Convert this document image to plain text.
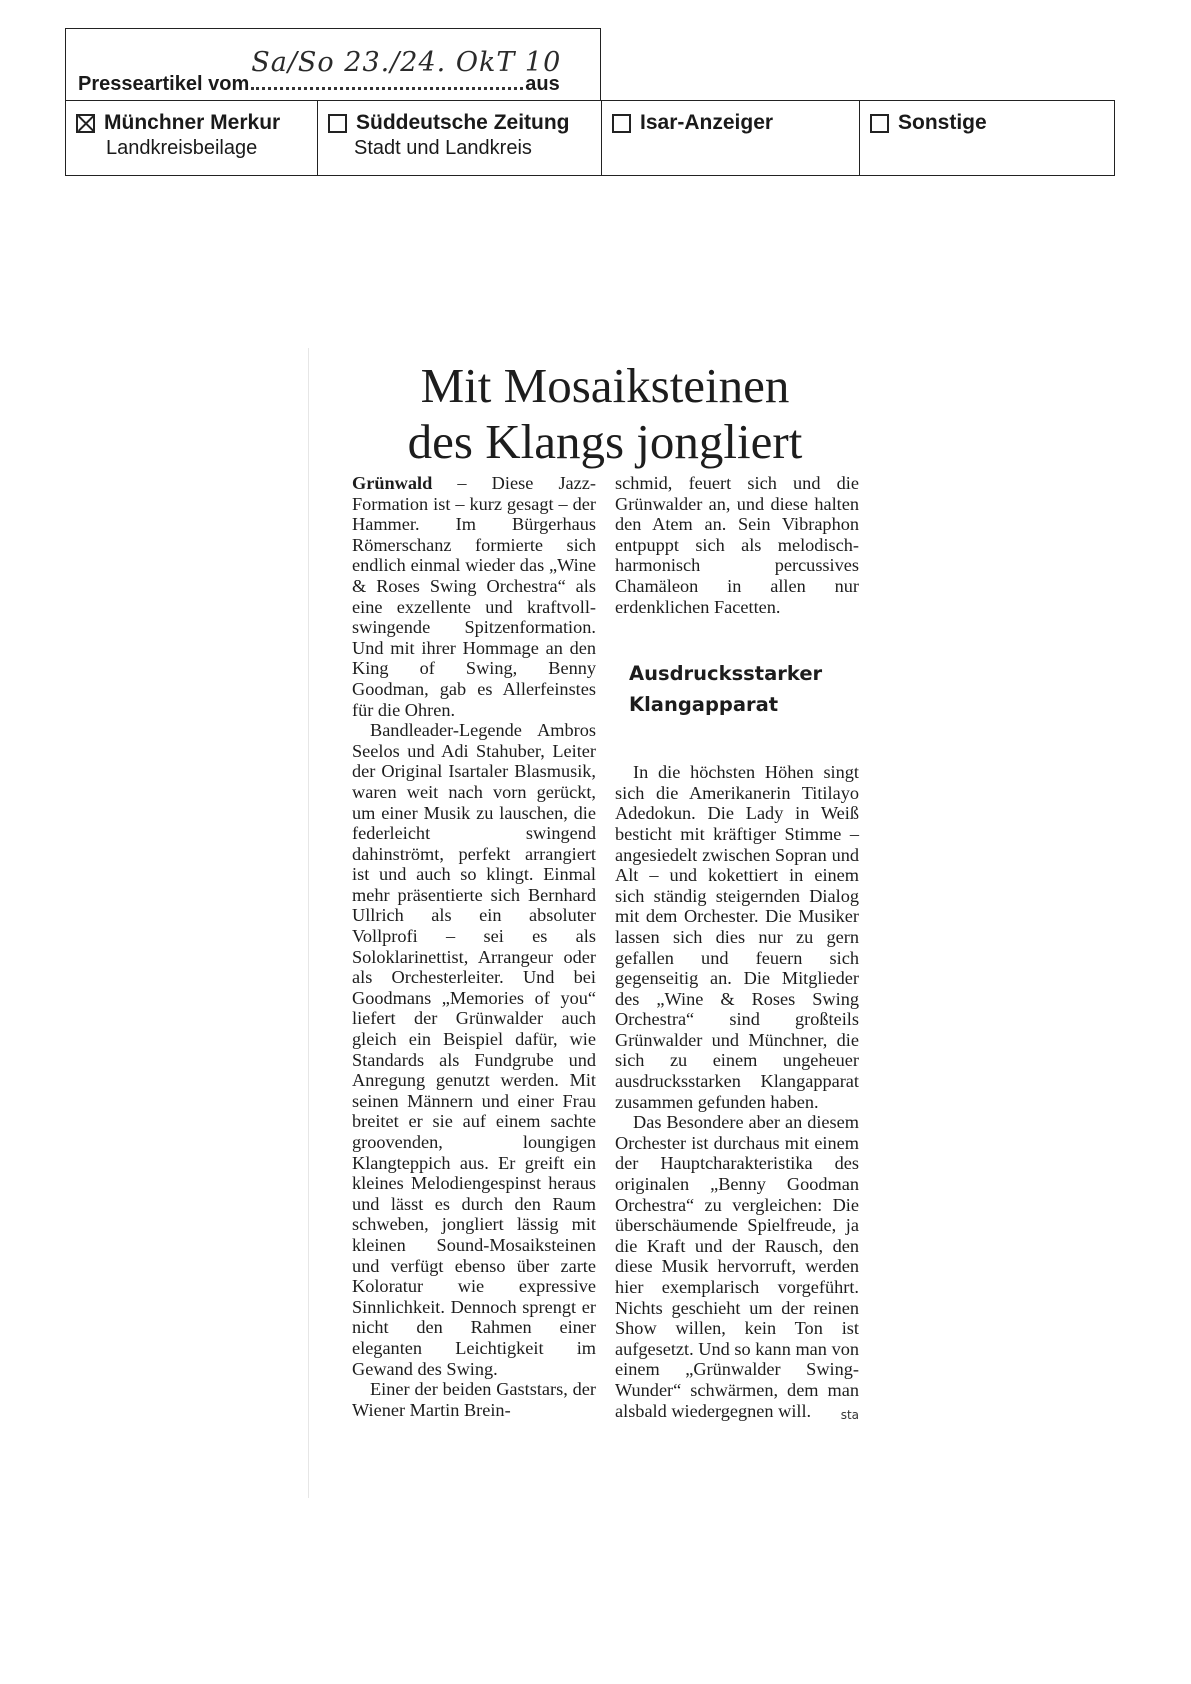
Presseartikel vom
Sa/So 23./24. OkT 10
aus
Münchner Merkur
Landkreisbeilage
Süddeutsche Zeitung
Stadt und Landkreis
Isar-Anzeiger	Sonstige
Mit Mosaiksteinen
des Klangs jongliert

Grünwald – Diese Jazz-Formation ist – kurz gesagt – der Hammer. Im Bürgerhaus Römerschanz formierte sich endlich einmal wieder das „Wine & Roses Swing Orchestra“ als eine exzellente und kraftvoll-swingende Spitzenformation. Und mit ihrer Hommage an den King of Swing, Benny Goodman, gab es Allerfeinstes für die Ohren.

Bandleader-Legende Ambros Seelos und Adi Stahuber, Leiter der Original Isartaler Blasmusik, waren weit nach vorn gerückt, um einer Musik zu lauschen, die federleicht swingend dahinströmt, perfekt arrangiert ist und auch so klingt. Einmal mehr präsentierte sich Bernhard Ullrich als ein absoluter Vollprofi – sei es als Soloklarinettist, Arrangeur oder als Orchesterleiter. Und bei Goodmans „Memories of you“ liefert der Grünwalder auch gleich ein Beispiel dafür, wie Standards als Fundgrube und Anregung genutzt werden. Mit seinen Männern und einer Frau breitet er sie auf einem sachte groovenden, loungigen Klangteppich aus. Er greift ein kleines Melodiengespinst heraus und lässt es durch den Raum schweben, jongliert lässig mit kleinen Sound-Mosaiksteinen und verfügt ebenso über zarte Koloratur wie expressive Sinnlichkeit. Dennoch sprengt er nicht den Rahmen einer eleganten Leichtigkeit im Gewand des Swing.

Einer der beiden Gaststars, der Wiener Martin Brein-

schmid, feuert sich und die Grünwalder an, und diese halten den Atem an. Sein Vibraphon entpuppt sich als melodisch-harmonisch percussives Chamäleon in allen nur erdenklichen Facetten.

Ausdrucksstarker Klangapparat

In die höchsten Höhen singt sich die Amerikanerin Titilayo Adedokun. Die Lady in Weiß besticht mit kräftiger Stimme – angesiedelt zwischen Sopran und Alt – und kokettiert in einem sich ständig steigernden Dialog mit dem Orchester. Die Musiker lassen sich dies nur zu gern gefallen und feuern sich gegenseitig an. Die Mitglieder des „Wine & Roses Swing Orchestra“ sind großteils Grünwalder und Münchner, die sich zu einem ungeheuer ausdrucksstarken Klangapparat zusammen gefunden haben.

Das Besondere aber an diesem Orchester ist durchaus mit einem der Hauptcharakteristika des originalen „Benny Goodman Orchestra“ zu vergleichen: Die überschäumende Spielfreude, ja die Kraft und der Rausch, den diese Musik hervorruft, werden hier exemplarisch vorgeführt. Nichts geschieht um der reinen Show willen, kein Ton ist aufgesetzt. Und so kann man von einem „Grünwalder Swing-Wunder“ schwärmen, dem man alsbald wiedergegnen will.	sta
